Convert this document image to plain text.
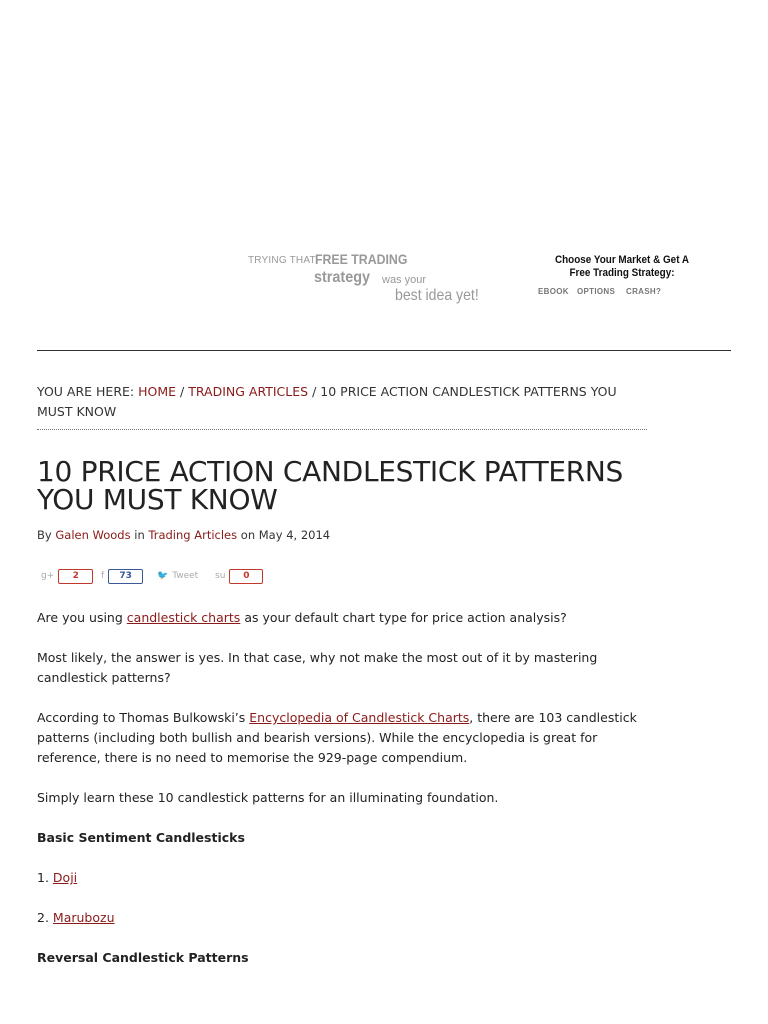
TRYING THAT FREE TRADING
strategy was your
best idea yet!
Choose Your Market & Get A
Free Trading Strategy:
EBOOK OPTIONS CRASH?
YOU ARE HERE: HOME / TRADING ARTICLES / 10 PRICE ACTION CANDLESTICK PATTERNS YOU MUST KNOW
10 PRICE ACTION CANDLESTICK PATTERNS
YOU MUST KNOW
By Galen Woods in Trading Articles on May 4, 2014
g+	2	f	73	🐦 Tweet su	0

Are you using candlestick charts as your default chart type for price action analysis?

Most likely, the answer is yes. In that case, why not make the most out of it by mastering candlestick patterns?

According to Thomas Bulkowski’s Encyclopedia of Candlestick Charts, there are 103 candlestick patterns (including both bullish and bearish versions). While the encyclopedia is great for reference, there is no need to memorise the 929-page compendium.

Simply learn these 10 candlestick patterns for an illuminating foundation.

Basic Sentiment Candlesticks

1. Doji

2. Marubozu

Reversal Candlestick Patterns
